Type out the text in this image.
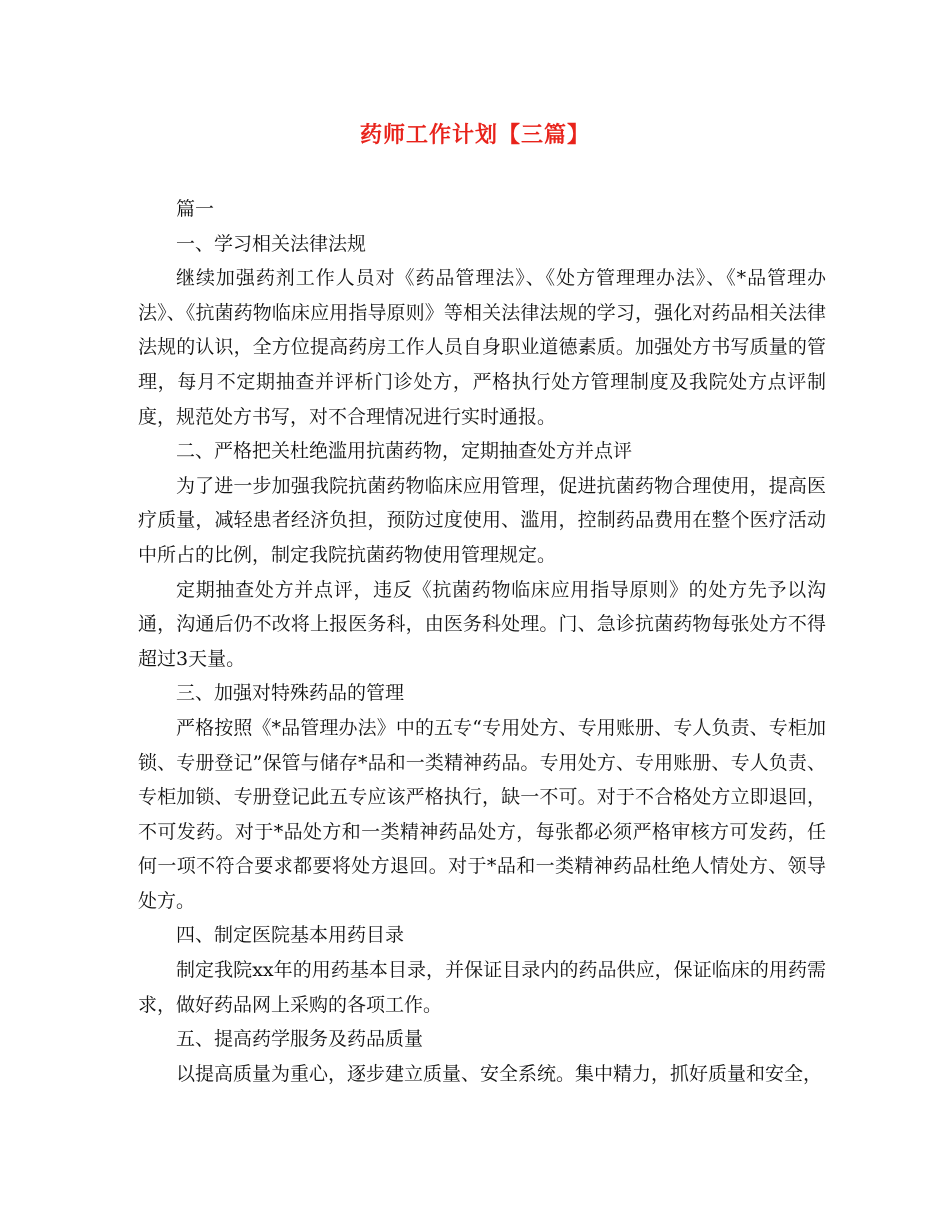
药师工作计划【三篇】

篇一

一、学习相关法律法规

继续加强药剂工作人员对《药品管理法》、《处方管理理办法》、《*品管理办法》、《抗菌药物临床应用指导原则》等相关法律法规的学习，强化对药品相关法律法规的认识，全方位提高药房工作人员自身职业道德素质。加强处方书写质量的管理，每月不定期抽查并评析门诊处方，严格执行处方管理制度及我院处方点评制度，规范处方书写，对不合理情况进行实时通报。

二、严格把关杜绝滥用抗菌药物，定期抽查处方并点评

为了进一步加强我院抗菌药物临床应用管理，促进抗菌药物合理使用，提高医疗质量，减轻患者经济负担，预防过度使用、滥用，控制药品费用在整个医疗活动中所占的比例，制定我院抗菌药物使用管理规定。

定期抽查处方并点评，违反《抗菌药物临床应用指导原则》的处方先予以沟通，沟通后仍不改将上报医务科，由医务科处理。门、急诊抗菌药物每张处方不得超过3天量。

三、加强对特殊药品的管理

严格按照《*品管理办法》中的五专“专用处方、专用账册、专人负责、专柜加锁、专册登记”保管与储存*品和一类精神药品。专用处方、专用账册、专人负责、专柜加锁、专册登记此五专应该严格执行，缺一不可。对于不合格处方立即退回，不可发药。对于*品处方和一类精神药品处方，每张都必须严格审核方可发药，任何一项不符合要求都要将处方退回。对于*品和一类精神药品杜绝人情处方、领导处方。

四、制定医院基本用药目录

制定我院xx年的用药基本目录，并保证目录内的药品供应，保证临床的用药需求，做好药品网上采购的各项工作。

五、提高药学服务及药品质量

以提高质量为重心，逐步建立质量、安全系统。集中精力，抓好质量和安全，
